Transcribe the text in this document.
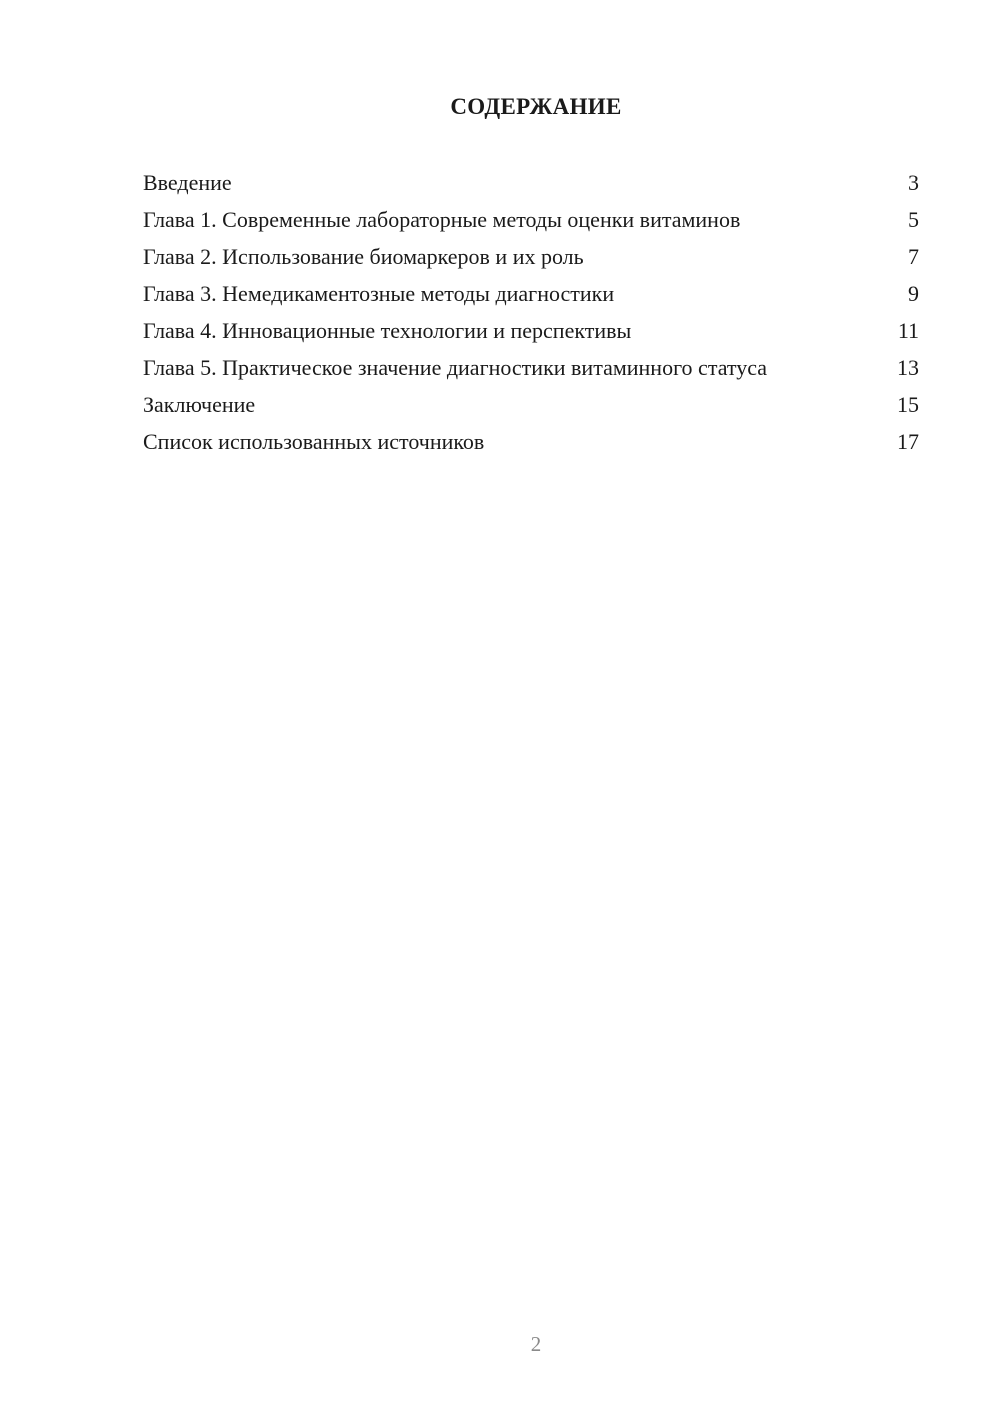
СОДЕРЖАНИЕ
Введение	3
Глава 1. Современные лабораторные методы оценки витаминов	5
Глава 2. Использование биомаркеров и их роль	7
Глава 3. Немедикаментозные методы диагностики	9
Глава 4. Инновационные технологии и перспективы	11
Глава 5. Практическое значение диагностики витаминного статуса	13
Заключение	15
Список использованных источников	17
2
